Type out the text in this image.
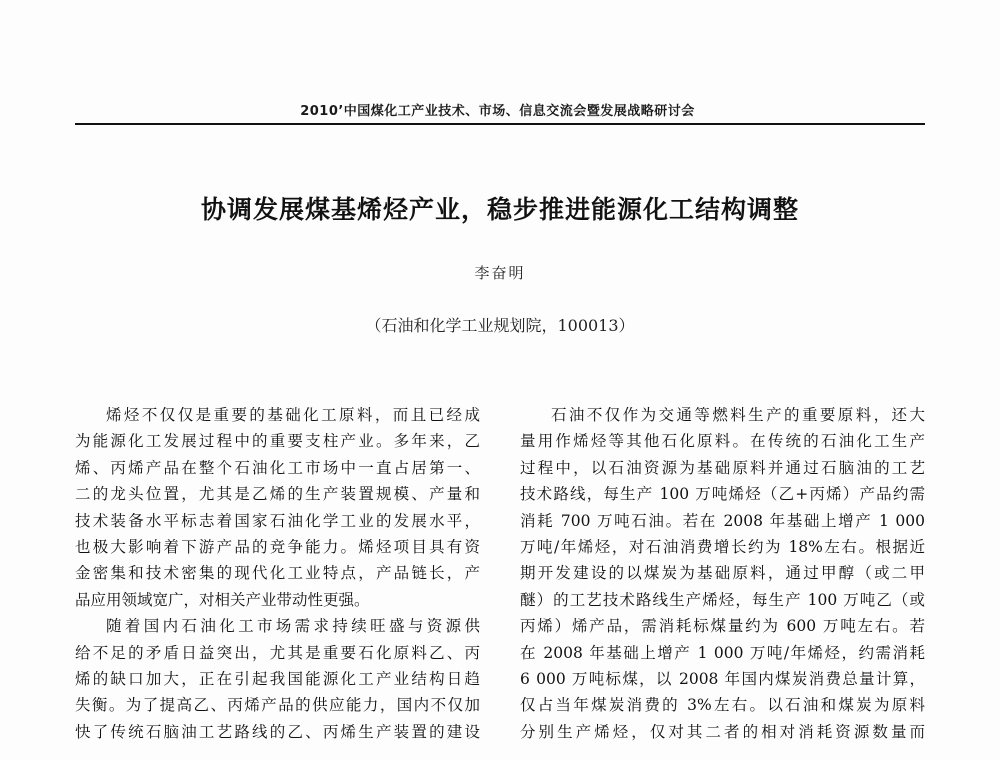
2010’中国煤化工产业技术、市场、信息交流会暨发展战略研讨会
协调发展煤基烯烃产业，稳步推进能源化工结构调整
李奋明
（石油和化学工业规划院，100013）
烯烃不仅仅是重要的基础化工原料，而且已经成
为能源化工发展过程中的重要支柱产业。多年来，乙
烯、丙烯产品在整个石油化工市场中一直占居第一、
二的龙头位置，尤其是乙烯的生产装置规模、产量和
技术装备水平标志着国家石油化学工业的发展水平，
也极大影响着下游产品的竞争能力。烯烃项目具有资
金密集和技术密集的现代化工业特点，产品链长，产
品应用领域宽广，对相关产业带动性更强。
随着国内石油化工市场需求持续旺盛与资源供
给不足的矛盾日益突出，尤其是重要石化原料乙、丙
烯的缺口加大，正在引起我国能源化工产业结构日趋
失衡。为了提高乙、丙烯产品的供应能力，国内不仅加
快了传统石脑油工艺路线的乙、丙烯生产装置的建设
石油不仅作为交通等燃料生产的重要原料，还大
量用作烯烃等其他石化原料。在传统的石油化工生产
过程中，以石油资源为基础原料并通过石脑油的工艺
技术路线，每生产 100 万吨烯烃（乙+丙烯）产品约需
消耗 700 万吨石油。若在 2008 年基础上增产 1 000
万吨/年烯烃，对石油消费增长约为 18%左右。根据近
期开发建设的以煤炭为基础原料，通过甲醇（或二甲
醚）的工艺技术路线生产烯烃，每生产 100 万吨乙（或
丙烯）烯产品，需消耗标煤量约为 600 万吨左右。若
在 2008 年基础上增产 1 000 万吨/年烯烃，约需消耗
6 000 万吨标煤，以 2008 年国内煤炭消费总量计算，
仅占当年煤炭消费的 3%左右。以石油和煤炭为原料
分别生产烯烃，仅对其二者的相对消耗资源数量而
